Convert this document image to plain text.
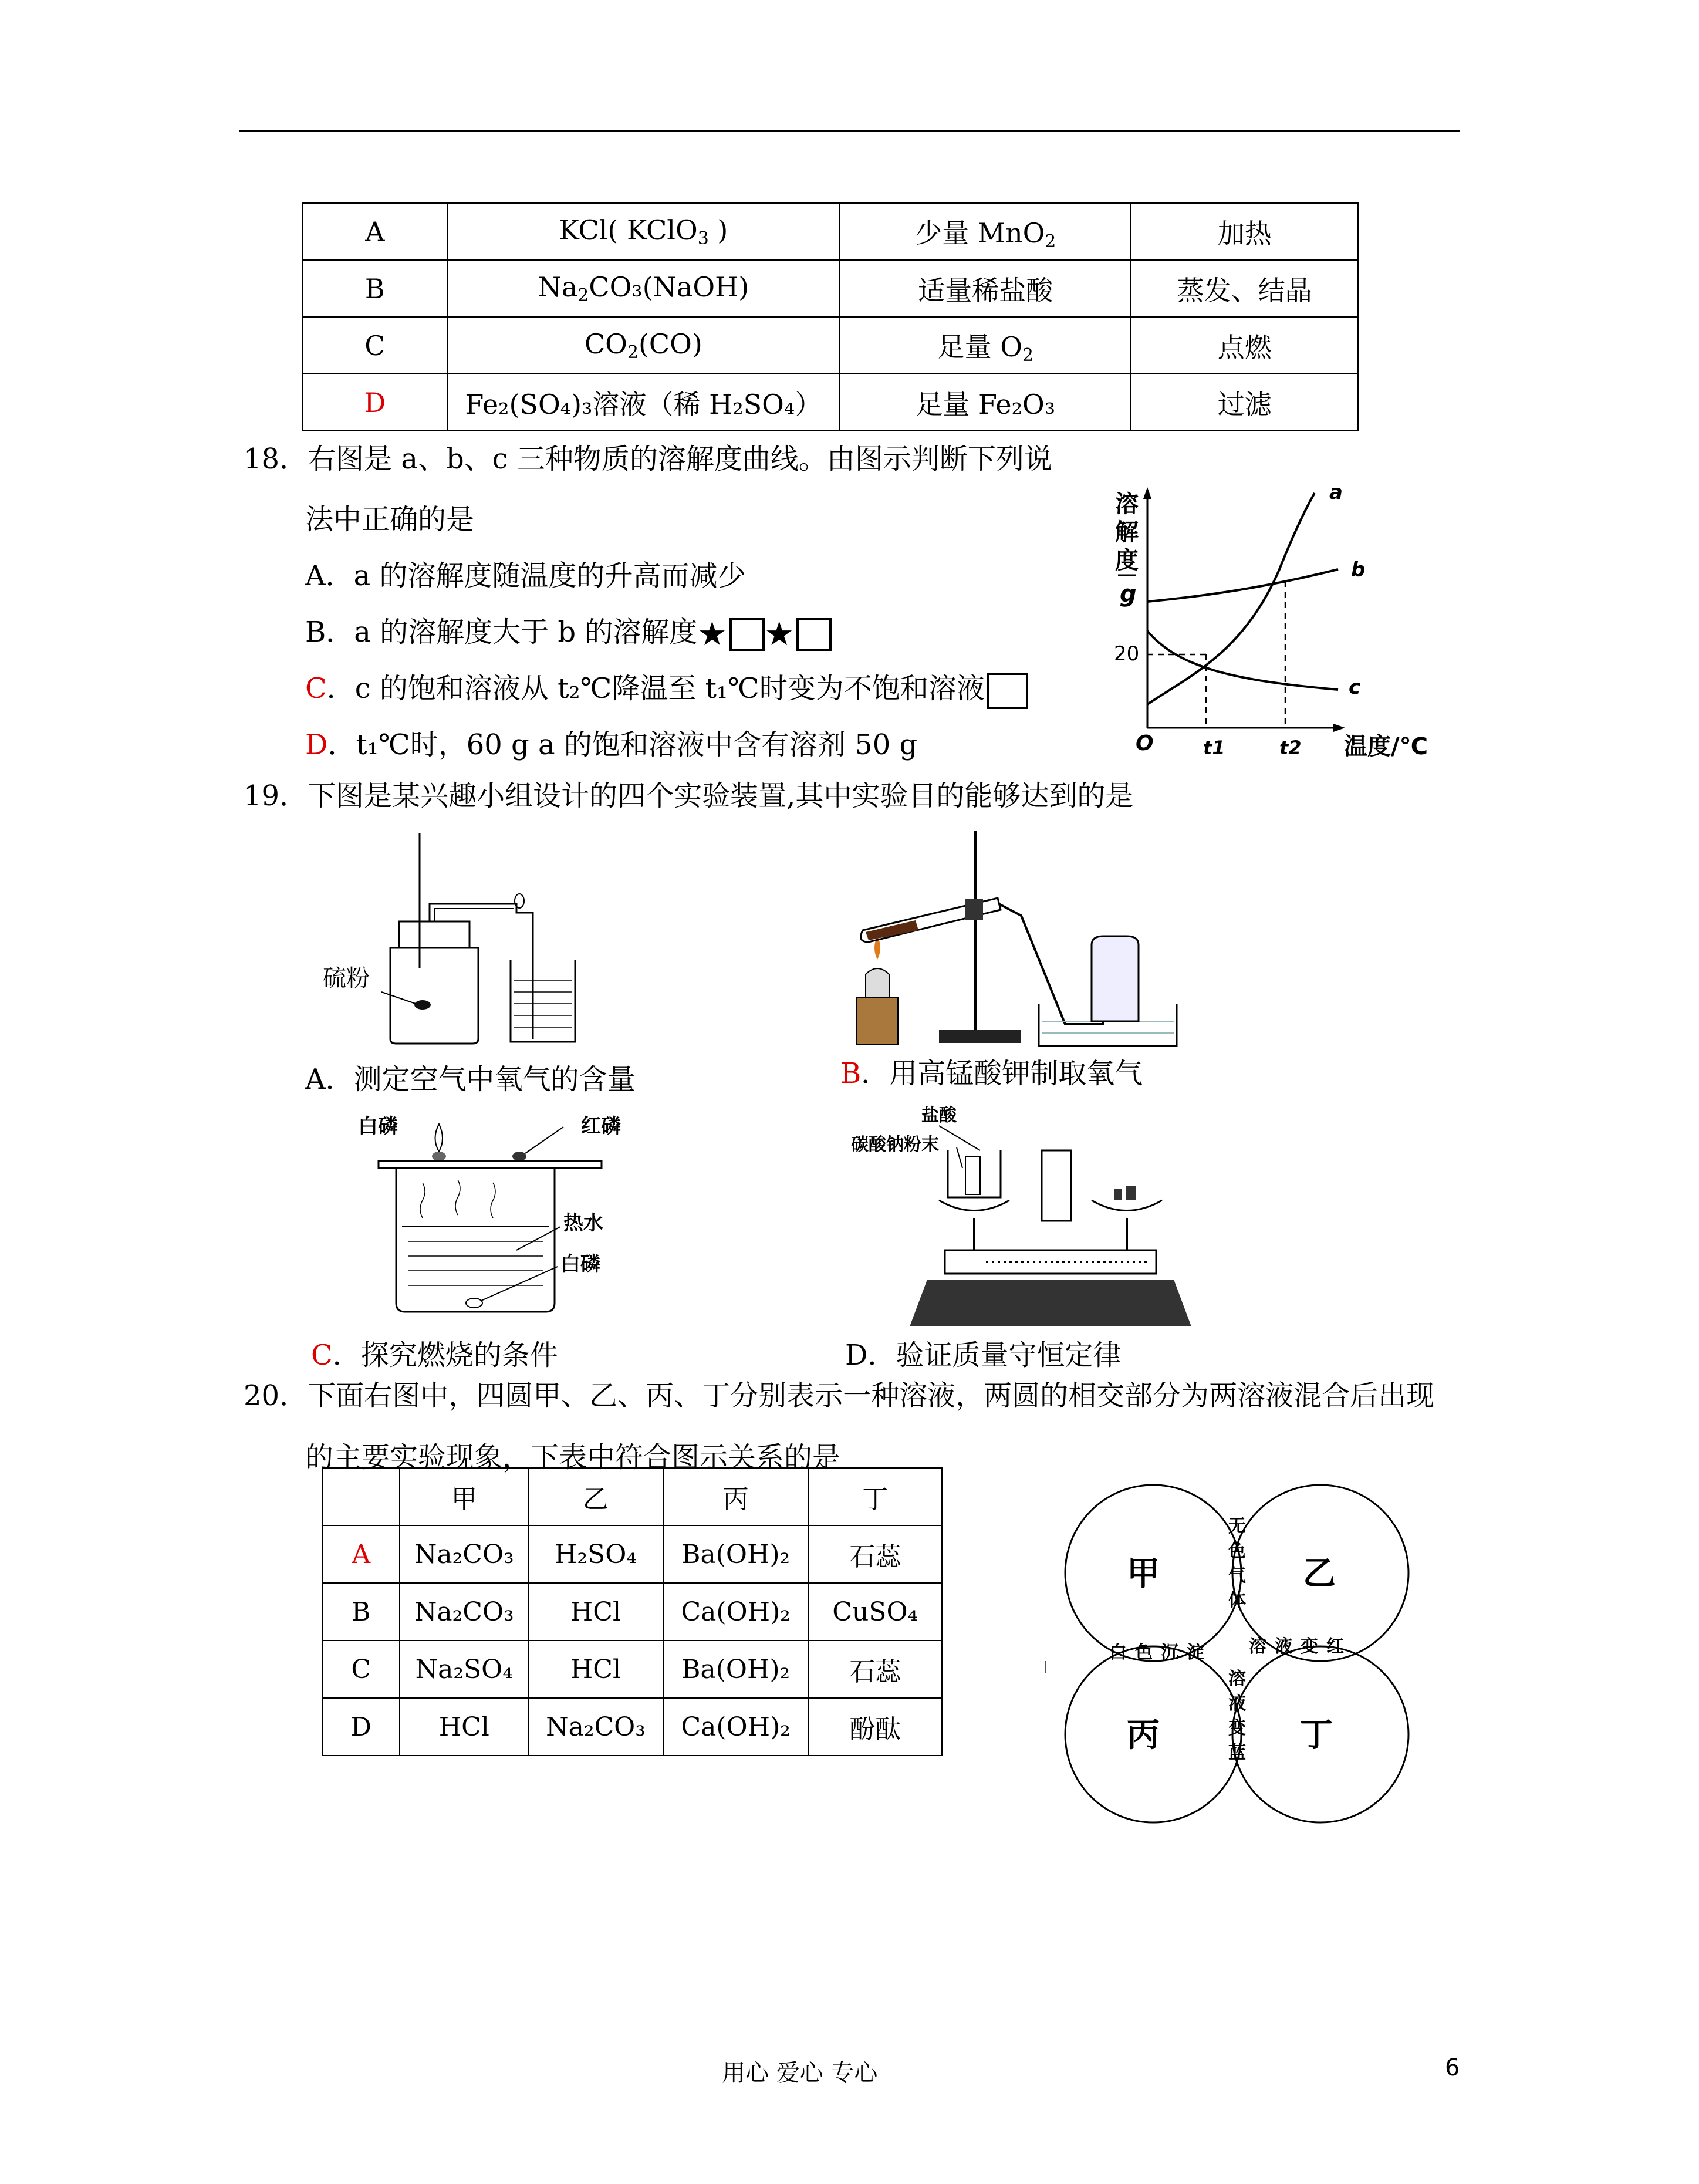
A	KCl( KClO$_3$ )	少量 MnO$_2$	加热
B	$Na_2CO_3(NaOH)$	适量稀盐酸	蒸发、结晶
C	$CO_2(CO)$	足量 $O_2$	点燃
D	Fe₂(SO₄)₃溶液（稀 H₂SO₄）	足量 Fe₂O₃	过滤
18．右图是 a、b、c 三种物质的溶解度曲线。由图示判断下列说
法中正确的是
A．a 的溶解度随温度的升高而减少
B．a 的溶解度大于 b 的溶解度★ ★
C．c 的饱和溶液从 t₂℃降温至 t₁℃时变为不饱和溶液
D．t₁℃时，60 g a 的饱和溶液中含有溶剂 50 g
溶
解
度
g
20
O	t1	t2 温度/℃
a
b
c
19．下图是某兴趣小组设计的四个实验装置,其中实验目的能够达到的是
硫粉
A．测定空气中氧气的含量	B．用高锰酸钾制取氧气
白磷	红磷
热水
白磷
C．探究燃烧的条件
盐酸
碳酸钠粉末
D．验证质量守恒定律
20．下面右图中，四圆甲、乙、丙、丁分别表示一种溶液，两圆的相交部分为两溶液混合后出现
的主要实验现象，下表中符合图示关系的是
	甲	乙	丙	丁
A	Na₂CO₃	H₂SO₄	Ba(OH)₂	石蕊
B	Na₂CO₃	HCl	Ca(OH)₂	CuSO₄
C	Na₂SO₄	HCl	Ba(OH)₂	石蕊
D	HCl	Na₂CO₃	Ca(OH)₂	酚酞
甲	乙
丙	丁
无
色
气
体
溶
液
变
蓝
白色沉淀 溶液变红
用心 爱心 专心	6
